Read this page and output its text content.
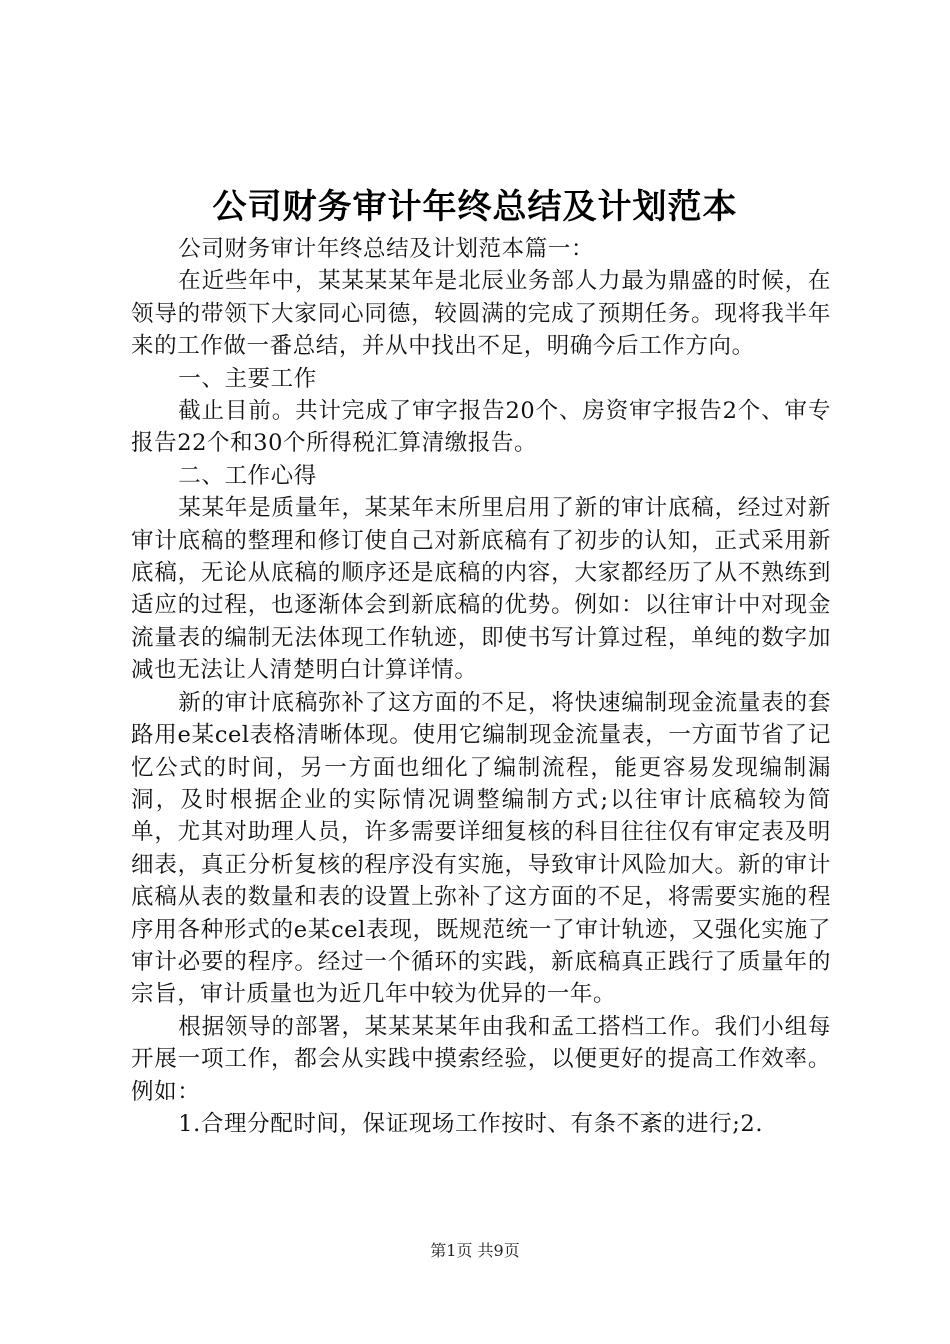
公司财务审计年终总结及计划范本

公司财务审计年终总结及计划范本篇一：

在近些年中，某某某某年是北辰业务部人力最为鼎盛的时候，在领导的带领下大家同心同德，较圆满的完成了预期任务。现将我半年来的工作做一番总结，并从中找出不足，明确今后工作方向。

一、主要工作

截止目前。共计完成了审字报告20个、房资审字报告2个、审专报告22个和30个所得税汇算清缴报告。

二、工作心得

某某年是质量年，某某年末所里启用了新的审计底稿，经过对新审计底稿的整理和修订使自己对新底稿有了初步的认知，正式采用新底稿，无论从底稿的顺序还是底稿的内容，大家都经历了从不熟练到适应的过程，也逐渐体会到新底稿的优势。例如：以往审计中对现金流量表的编制无法体现工作轨迹，即使书写计算过程，单纯的数字加减也无法让人清楚明白计算详情。

新的审计底稿弥补了这方面的不足，将快速编制现金流量表的套路用e某cel表格清晰体现。使用它编制现金流量表，一方面节省了记忆公式的时间，另一方面也细化了编制流程，能更容易发现编制漏洞，及时根据企业的实际情况调整编制方式;以往审计底稿较为简单，尤其对助理人员，许多需要详细复核的科目往往仅有审定表及明细表，真正分析复核的程序没有实施，导致审计风险加大。新的审计底稿从表的数量和表的设置上弥补了这方面的不足，将需要实施的程序用各种形式的e某cel表现，既规范统一了审计轨迹，又强化实施了审计必要的程序。经过一个循环的实践，新底稿真正践行了质量年的宗旨，审计质量也为近几年中较为优异的一年。

根据领导的部署，某某某某年由我和孟工搭档工作。我们小组每开展一项工作，都会从实践中摸索经验，以便更好的提高工作效率。例如：

1.合理分配时间，保证现场工作按时、有条不紊的进行;2.

第1页 共9页
